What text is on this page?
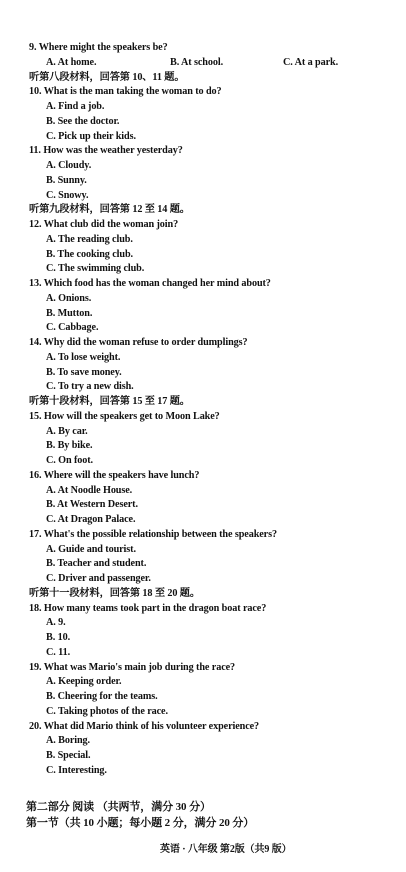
9. Where might the speakers be?
A. At home.	B. At school.	C. At a park.
听第八段材料，回答第 10、11 题。
10. What is the man taking the woman to do?
A. Find a job.
B. See the doctor.
C. Pick up their kids.
11. How was the weather yesterday?
A. Cloudy.
B. Sunny.
C. Snowy.
听第九段材料，回答第 12 至 14 题。
12. What club did the woman join?
A. The reading club.
B. The cooking club.
C. The swimming club.
13. Which food has the woman changed her mind about?
A. Onions.
B. Mutton.
C. Cabbage.
14. Why did the woman refuse to order dumplings?
A. To lose weight.
B. To save money.
C. To try a new dish.
听第十段材料，回答第 15 至 17 题。
15. How will the speakers get to Moon Lake?
A. By car.
B. By bike.
C. On foot.
16. Where will the speakers have lunch?
A. At Noodle House.
B. At Western Desert.
C. At Dragon Palace.
17. What's the possible relationship between the speakers?
A. Guide and tourist.
B. Teacher and student.
C. Driver and passenger.
听第十一段材料，回答第 18 至 20 题。
18. How many teams took part in the dragon boat race?
A. 9.
B. 10.
C. 11.
19. What was Mario's main job during the race?
A. Keeping order.
B. Cheering for the teams.
C. Taking photos of the race.
20. What did Mario think of his volunteer experience?
A. Boring.
B. Special.
C. Interesting.
第二部分 阅读 （共两节，满分 30 分）
第一节（共 10 小题；每小题 2 分，满分 20 分）
英语 · 八年级 第2版（共9 版）
